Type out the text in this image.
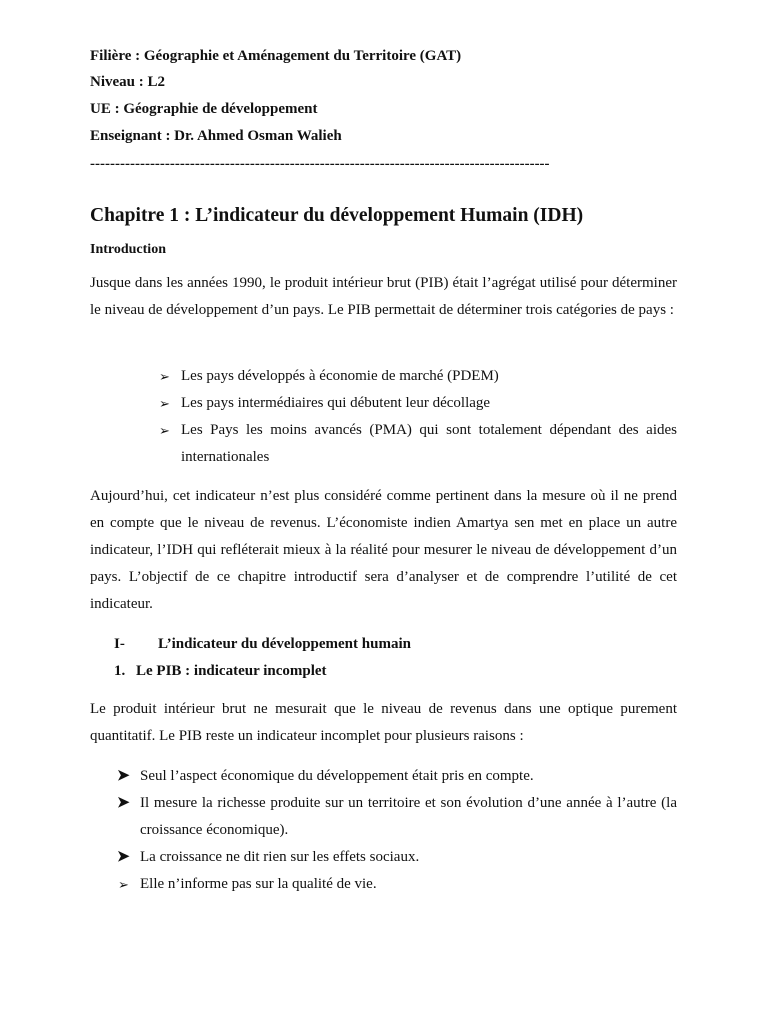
Filière : Géographie et Aménagement du Territoire (GAT)
Niveau : L2
UE : Géographie de développement
Enseignant : Dr. Ahmed Osman Walieh
--------------------------------------------------------------------------------------------
Chapitre 1 : L’indicateur du développement Humain (IDH)
Introduction

Jusque dans les années 1990, le produit intérieur brut (PIB) était l’agrégat utilisé pour déterminer le niveau de développement d’un pays. Le PIB permettait de déterminer trois catégories de pays :

➢ Les pays développés à économie de marché (PDEM)
➢ Les pays intermédiaires qui débutent leur décollage
➢ Les Pays les moins avancés (PMA) qui sont totalement dépendant des aides internationales

Aujourd’hui, cet indicateur n’est plus considéré comme pertinent dans la mesure où il ne prend en compte que le niveau de revenus. L’économiste indien Amartya sen met en place un autre indicateur, l’IDH qui refléterait mieux à la réalité pour mesurer le niveau de développement d’un pays. L’objectif de ce chapitre introductif sera d’analyser et de comprendre l’utilité de cet indicateur.

I- L’indicateur du développement humain
1. Le PIB : indicateur incomplet

Le produit intérieur brut ne mesurait que le niveau de revenus dans une optique purement quantitatif. Le PIB reste un indicateur incomplet pour plusieurs raisons :

➤ Seul l’aspect économique du développement était pris en compte.
➤ Il mesure la richesse produite sur un territoire et son évolution d’une année à l’autre (la croissance économique).
➤ La croissance ne dit rien sur les effets sociaux.
➢ Elle n’informe pas sur la qualité de vie.
